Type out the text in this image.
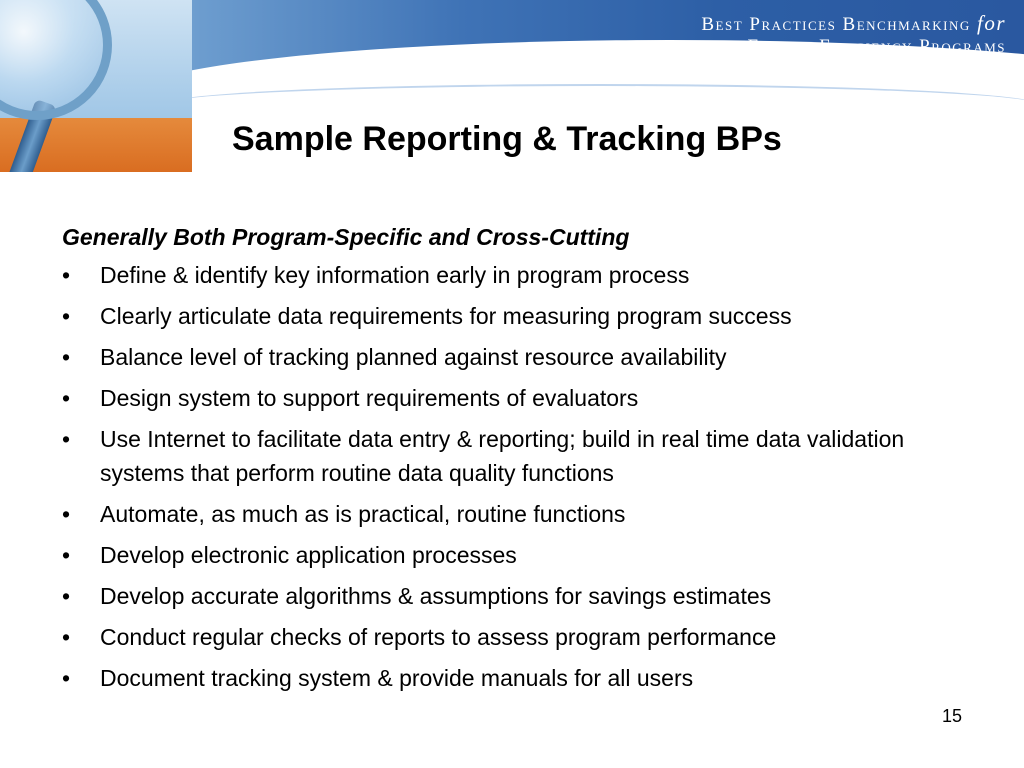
Best Practices Benchmarking for
Energy Efficiency Programs
Sample Reporting & Tracking BPs
Generally Both Program-Specific and Cross-Cutting
• Define & identify key information early in program process
• Clearly articulate data requirements for measuring program success
• Balance level of tracking planned against resource availability
• Design system to support requirements of evaluators
• Use Internet to facilitate data entry & reporting; build in real time data validation systems that perform routine data quality functions
• Automate, as much as is practical, routine functions
• Develop electronic application processes
• Develop accurate algorithms & assumptions for savings estimates
• Conduct regular checks of reports to assess program performance
• Document tracking system & provide manuals for all users
15
